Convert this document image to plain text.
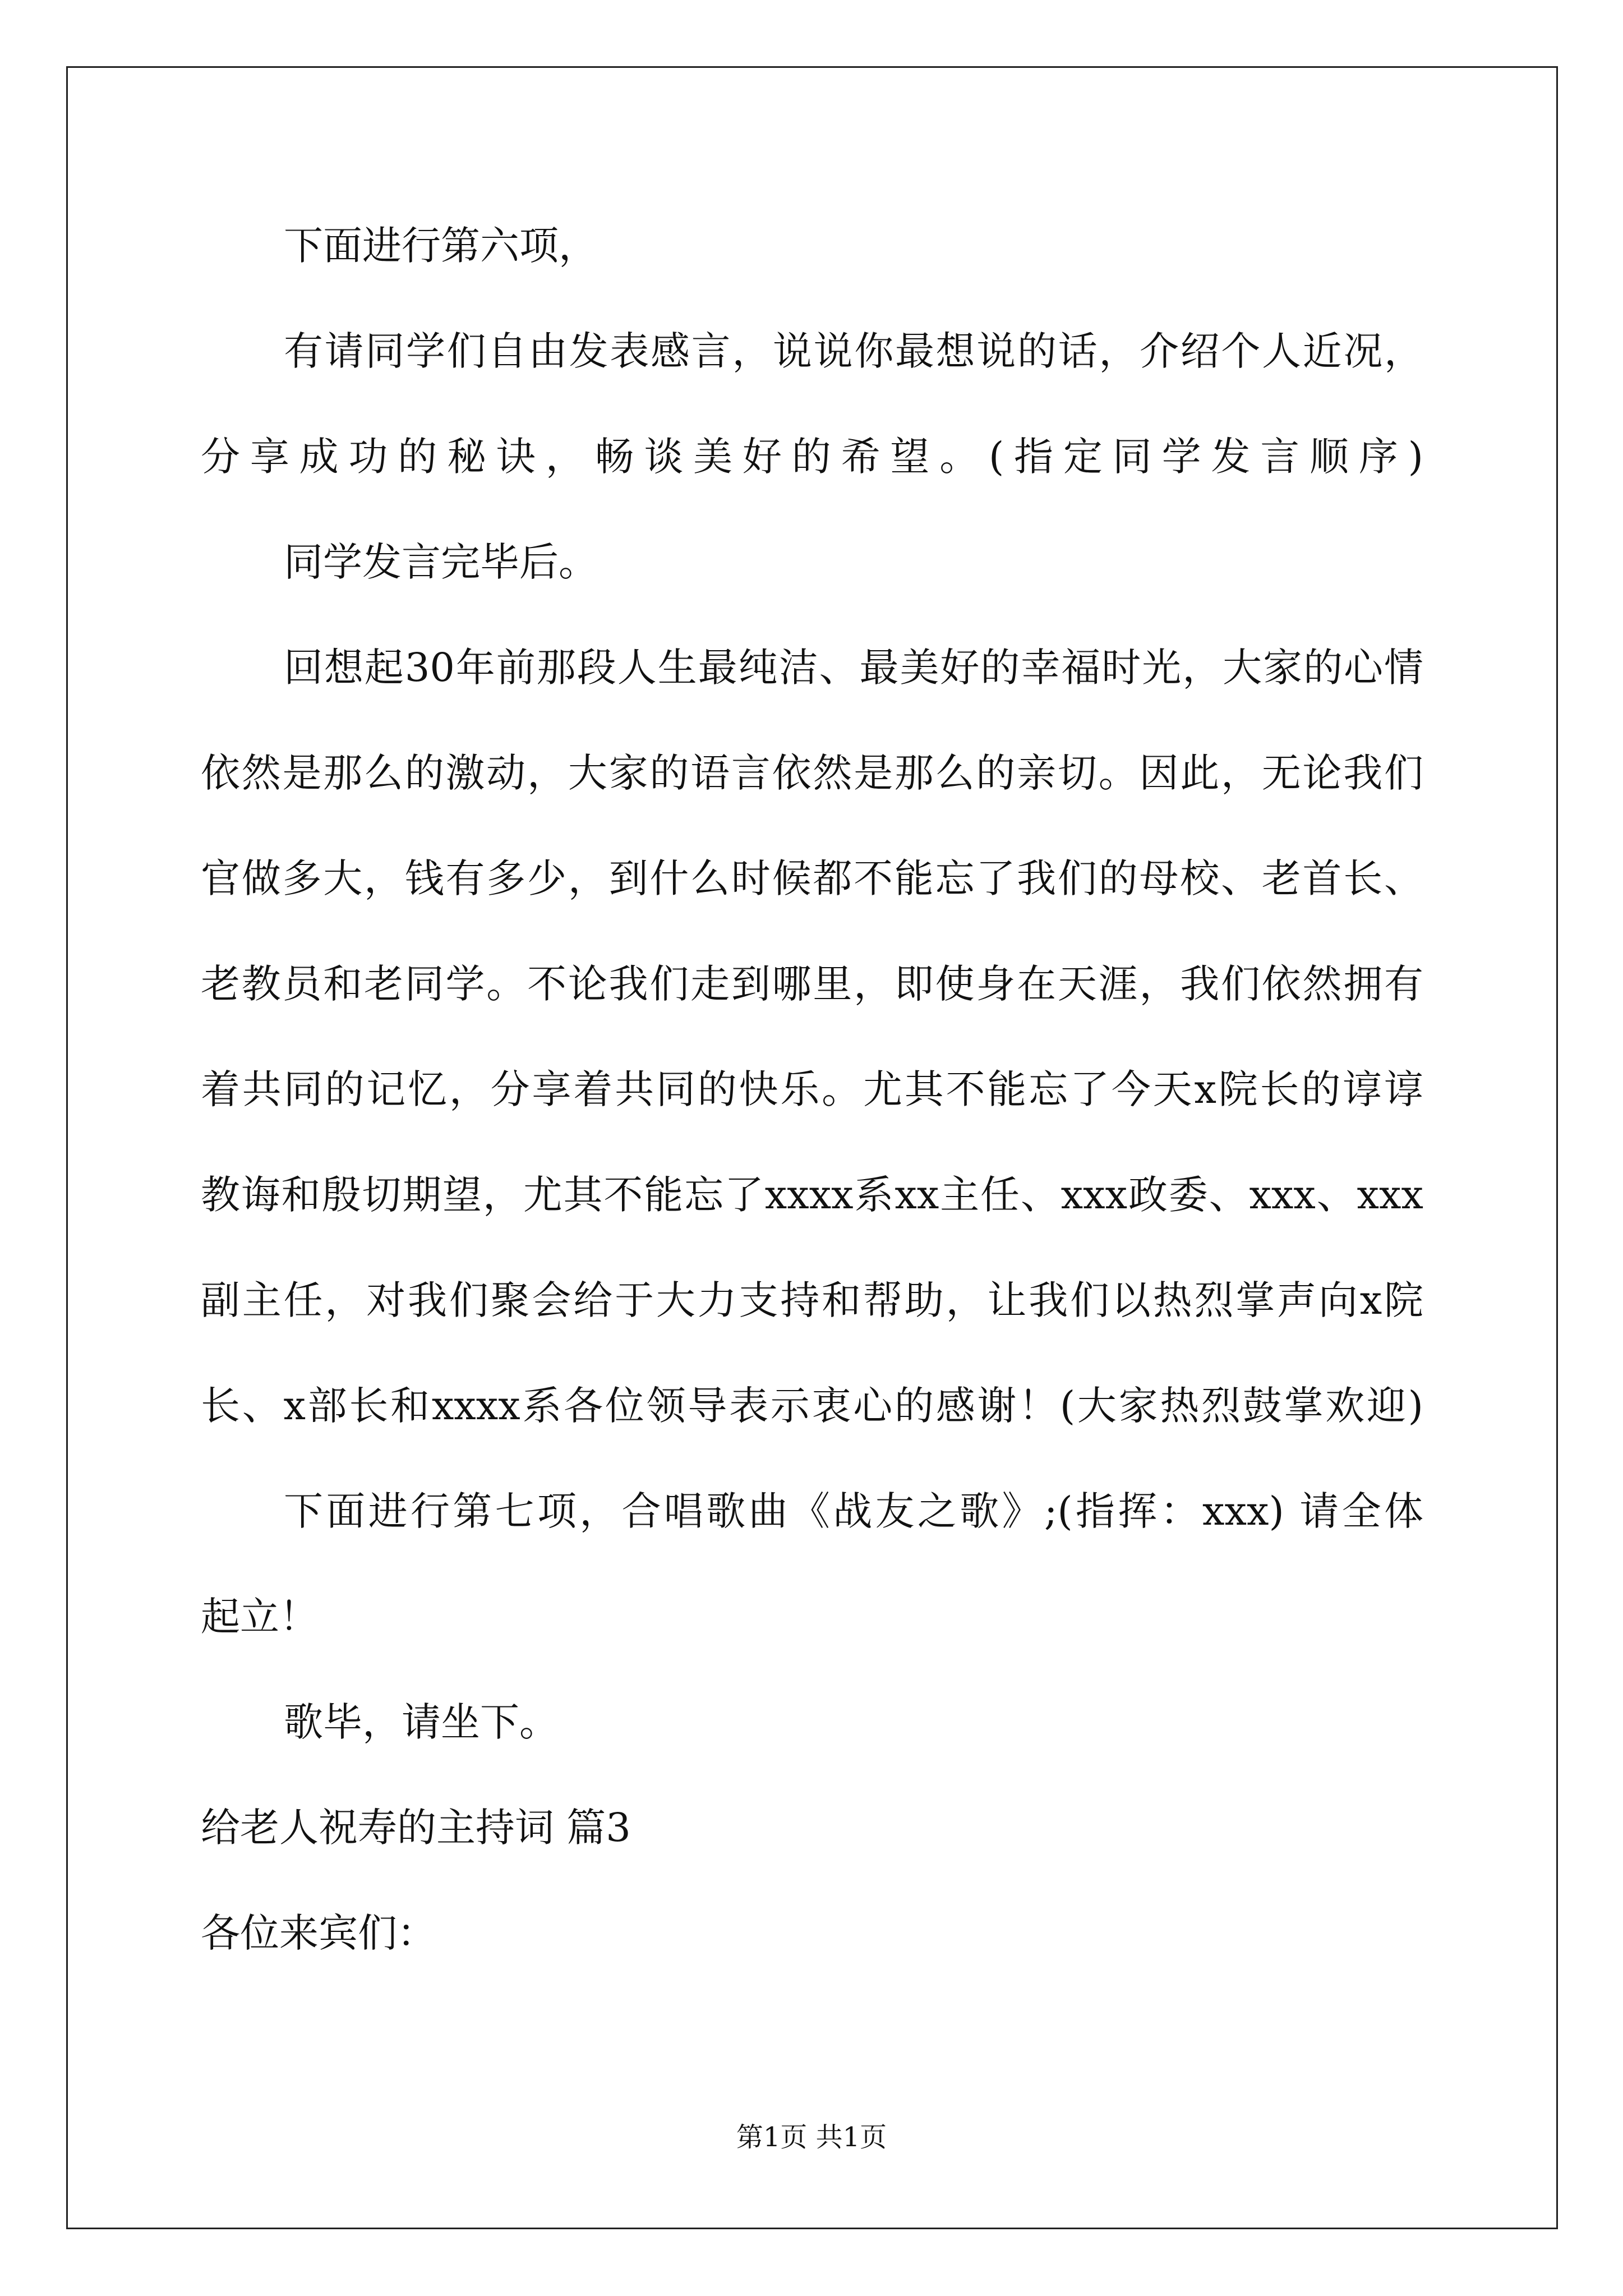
下面进行第六项，
有请同学们自由发表感言，说说你最想说的话，介绍个人近况，
分享成功的秘诀，畅谈美好的希望。(指定同学发言顺序)
同学发言完毕后。
回想起30年前那段人生最纯洁、最美好的幸福时光，大家的心情
依然是那么的激动，大家的语言依然是那么的亲切。因此，无论我们
官做多大，钱有多少，到什么时候都不能忘了我们的母校、老首长、
老教员和老同学。不论我们走到哪里，即使身在天涯，我们依然拥有
着共同的记忆，分享着共同的快乐。尤其不能忘了今天x院长的谆谆
教诲和殷切期望，尤其不能忘了xxxx系xx主任、xxx政委、xxx、xxx
副主任，对我们聚会给于大力支持和帮助，让我们以热烈掌声向x院
长、x部长和xxxx系各位领导表示衷心的感谢！(大家热烈鼓掌欢迎)
下面进行第七项，合唱歌曲《战友之歌》;(指挥：xxx) 请全体
起立！
歌毕，请坐下。
给老人祝寿的主持词 篇3
各位来宾们：
第1页 共1页
